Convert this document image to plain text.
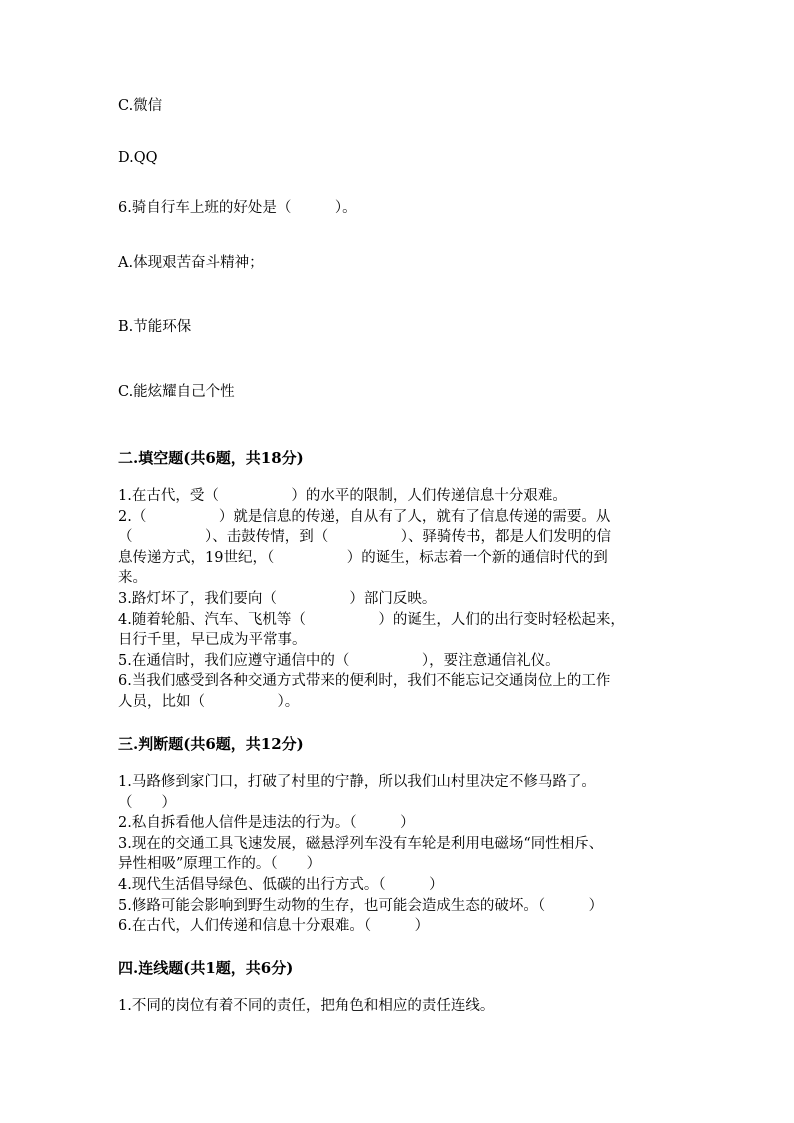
C.微信
D.QQ
6.骑自行车上班的好处是（　　　）。
A.体现艰苦奋斗精神；
B.节能环保
C.能炫耀自己个性
二.填空题(共6题，共18分)
1.在古代，受（　　　　　）的水平的限制，人们传递信息十分艰难。
2.（　　　　　）就是信息的传递，自从有了人，就有了信息传递的需要。从
（　　　　　）、击鼓传情，到（　　　　　）、驿骑传书，都是人们发明的信
息传递方式，19世纪，（　　　　　）的诞生，标志着一个新的通信时代的到
来。
3.路灯坏了，我们要向（　　　　　）部门反映。
4.随着轮船、汽车、飞机等（　　　　　）的诞生，人们的出行变时轻松起来，
日行千里，早已成为平常事。
5.在通信时，我们应遵守通信中的（　　　　　），要注意通信礼仪。
6.当我们感受到各种交通方式带来的便利时，我们不能忘记交通岗位上的工作
人员，比如（　　　　　）。
三.判断题(共6题，共12分)
1.马路修到家门口，打破了村里的宁静，所以我们山村里决定不修马路了。
（　　）
2.私自拆看他人信件是违法的行为。（　　　）
3.现在的交通工具飞速发展，磁悬浮列车没有车轮是利用电磁场“同性相斥、
异性相吸”原理工作的。（　　）
4.现代生活倡导绿色、低碳的出行方式。（　　　）
5.修路可能会影响到野生动物的生存，也可能会造成生态的破坏。（　　　）
6.在古代，人们传递和信息十分艰难。（　　　）
四.连线题(共1题，共6分)
1.不同的岗位有着不同的责任，把角色和相应的责任连线。
